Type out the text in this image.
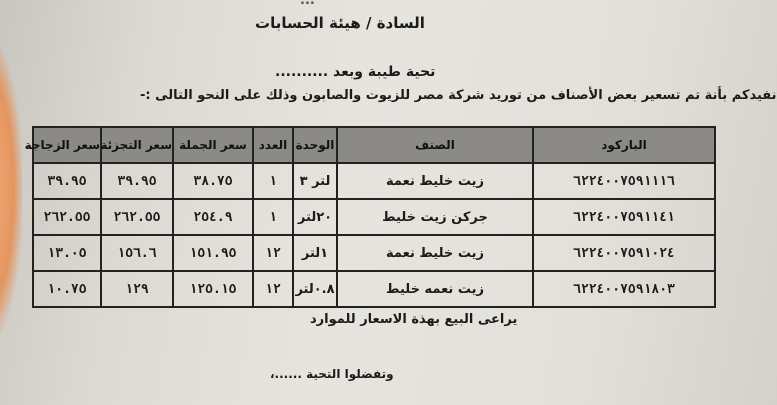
...
السادة / هيئة الحسابات
تحية طيبة وبعد ..........
نفيدكم بأنة تم تسعير بعض الأصناف من توريد شركة مصر للزيوت والصابون وذلك على النحو التالى :-
الباركود	الصنف	الوحدة	العدد	سعر الجملة	سعر التجزئة	سعر الزجاجة
٦٢٢٤٠٠٧٥٩١١١٦	زيت خليط نعمة	لتر ٣	١	٣٨.٧٥	٣٩.٩٥	٣٩.٩٥
٦٢٢٤٠٠٧٥٩١١٤١	جركن زيت خليط	٢٠لتر	١	٢٥٤.٩	٢٦٢.٥٥	٢٦٢.٥٥
٦٢٢٤٠٠٧٥٩١٠٢٤	زيت خليط نعمة	١لتر	١٢	١٥١.٩٥	١٥٦.٦	١٣.٠٥
٦٢٢٤٠٠٧٥٩١٨٠٣	زيت نعمه خليط	٠.٨لتر	١٢	١٢٥.١٥	١٢٩	١٠.٧٥
يراعى البيع بهذة الاسعار للموارد
وتفضلوا التحية ......،
